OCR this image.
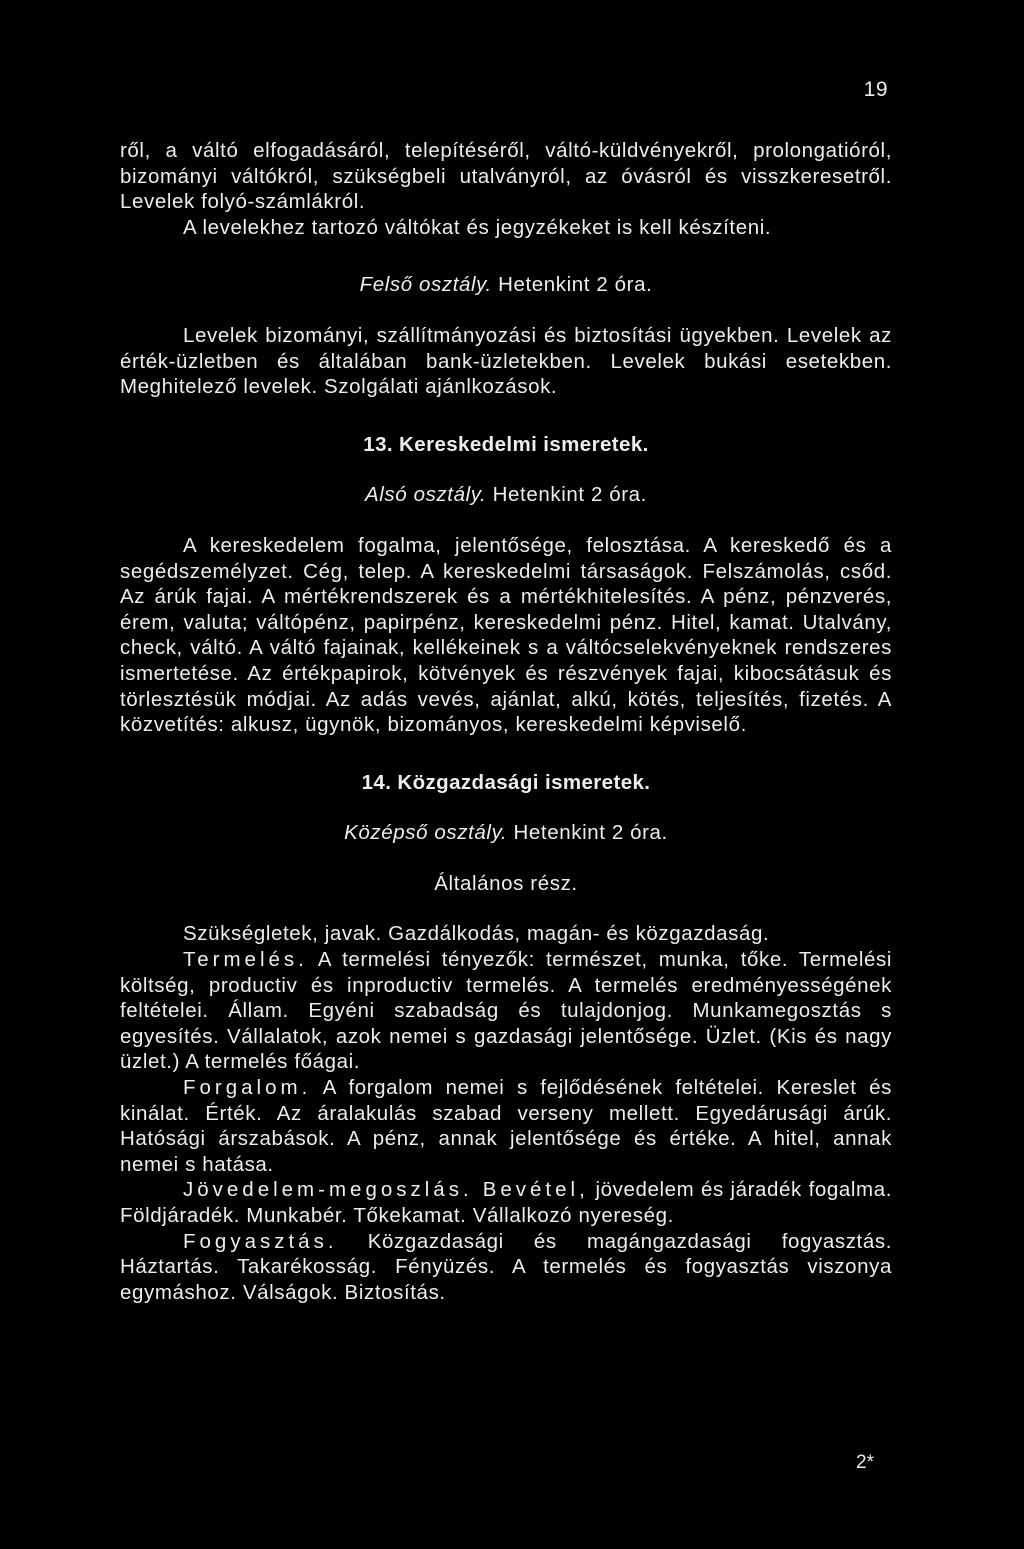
19

ről, a váltó elfogadásáról, telepítéséről, váltó-küldvényekről, prolongatióról, bizományi váltókról, szükségbeli utalványról, az óvásról és visszkeresetről. Levelek folyó-számlákról.

A levelekhez tartozó váltókat és jegyzékeket is kell készíteni.

Felső osztály. Hetenkint 2 óra.

Levelek bizományi, szállítmányozási és biztosítási ügyekben. Levelek az érték-üzletben és általában bank-üzletekben. Levelek bukási esetekben. Meghitelező levelek. Szolgálati ajánlkozások.

13. Kereskedelmi ismeretek.

Alsó osztály. Hetenkint 2 óra.

A kereskedelem fogalma, jelentősége, felosztása. A kereskedő és a segédszemélyzet. Cég, telep. A kereskedelmi társaságok. Felszámolás, csőd. Az árúk fajai. A mértékrendszerek és a mértékhitelesítés. A pénz, pénzverés, érem, valuta; váltópénz, papirpénz, kereskedelmi pénz. Hitel, kamat. Utalvány, check, váltó. A váltó fajainak, kellékeinek s a váltócselekvényeknek rendszeres ismertetése. Az értékpapirok, kötvények és részvények fajai, kibocsátásuk és törlesztésük módjai. Az adás vevés, ajánlat, alkú, kötés, teljesítés, fizetés. A közvetítés: alkusz, ügynök, bizományos, kereskedelmi képviselő.

14. Közgazdasági ismeretek.

Középső osztály. Hetenkint 2 óra.

Általános rész.

Szükségletek, javak. Gazdálkodás, magán- és közgazdaság.

Termelés. A termelési tényezők: természet, munka, tőke. Termelési költség, productiv és inproductiv termelés. A termelés eredményességének feltételei. Állam. Egyéni szabadság és tulajdonjog. Munkamegosztás s egyesítés. Vállalatok, azok nemei s gazdasági jelentősége. Üzlet. (Kis és nagy üzlet.) A termelés főágai.

Forgalom. A forgalom nemei s fejlődésének feltételei. Kereslet és kinálat. Érték. Az áralakulás szabad verseny mellett. Egyedárusági árúk. Hatósági árszabások. A pénz, annak jelentősége és értéke. A hitel, annak nemei s hatása.

Jövedelem-megoszlás. Bevétel, jövedelem és járadék fogalma. Földjáradék. Munkabér. Tőkekamat. Vállalkozó nyereség.

Fogyasztás. Közgazdasági és magángazdasági fogyasztás. Háztartás. Takarékosság. Fényüzés. A termelés és fogyasztás viszonya egymáshoz. Válságok. Biztosítás.

2*
